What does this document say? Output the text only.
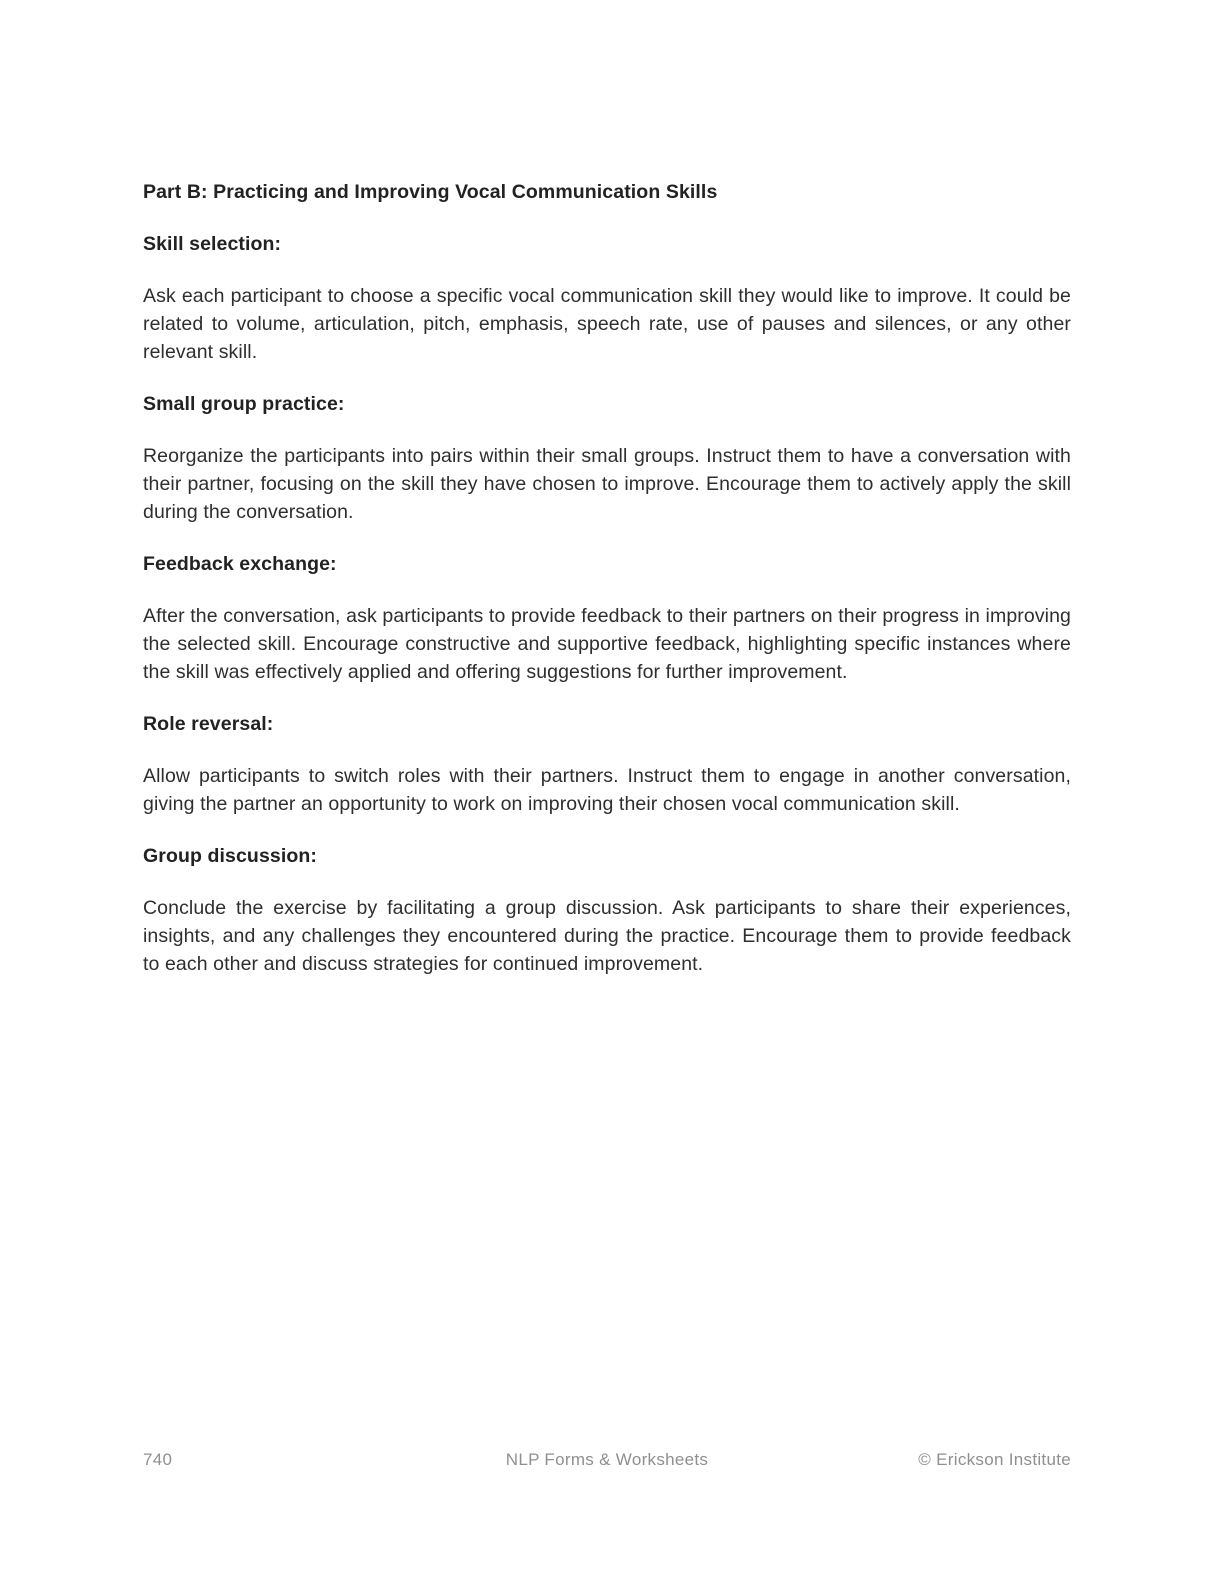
Part B: Practicing and Improving Vocal Communication Skills
Skill selection:

Ask each participant to choose a specific vocal communication skill they would like to improve. It could be related to volume, articulation, pitch, emphasis, speech rate, use of pauses and silences, or any other relevant skill.

Small group practice:

Reorganize the participants into pairs within their small groups. Instruct them to have a conversation with their partner, focusing on the skill they have chosen to improve. Encourage them to actively apply the skill during the conversation.

Feedback exchange:

After the conversation, ask participants to provide feedback to their partners on their progress in improving the selected skill. Encourage constructive and supportive feedback, highlighting specific instances where the skill was effectively applied and offering suggestions for further improvement.

Role reversal:

Allow participants to switch roles with their partners. Instruct them to engage in another conversation, giving the partner an opportunity to work on improving their chosen vocal communication skill.

Group discussion:

Conclude the exercise by facilitating a group discussion. Ask participants to share their experiences, insights, and any challenges they encountered during the practice. Encourage them to provide feedback to each other and discuss strategies for continued improvement.

NLP Forms & Worksheets
740	© Erickson Institute
